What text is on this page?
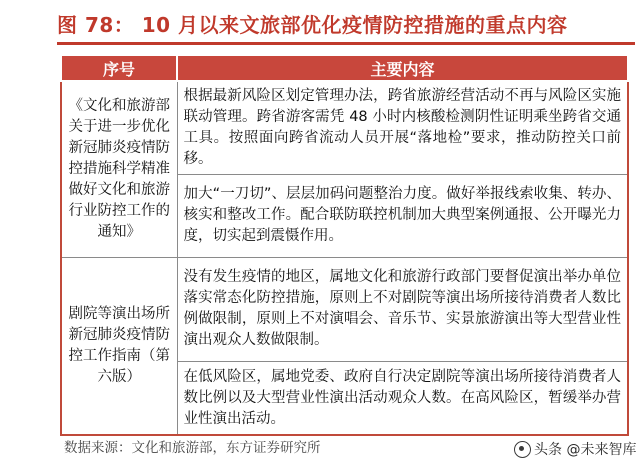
图 78： 10 月以来文旅部优化疫情防控措施的重点内容
序号	主要内容
《文化和旅游部关于进一步优化新冠肺炎疫情防控措施科学精准做好文化和旅游行业防控工作的通知》	根据最新风险区划定管理办法，跨省旅游经营活动不再与风险区实施联动管理。跨省游客需凭 48 小时内核酸检测阴性证明乘坐跨省交通工具。按照面向跨省流动人员开展“落地检”要求，推动防控关口前移。
	加大“一刀切”、层层加码问题整治力度。做好举报线索收集、转办、核实和整改工作。配合联防联控机制加大典型案例通报、公开曝光力度，切实起到震慑作用。
剧院等演出场所新冠肺炎疫情防控工作指南（第六版）	没有发生疫情的地区，属地文化和旅游行政部门要督促演出举办单位落实常态化防控措施，原则上不对剧院等演出场所接待消费者人数比例做限制，原则上不对演唱会、音乐节、实景旅游演出等大型营业性演出观众人数做限制。
	在低风险区，属地党委、政府自行决定剧院等演出场所接待消费者人数比例以及大型营业性演出活动观众人数。在高风险区，暂缓举办营业性演出活动。
数据来源：文化和旅游部，东方证券研究所	头条 @未来智库
